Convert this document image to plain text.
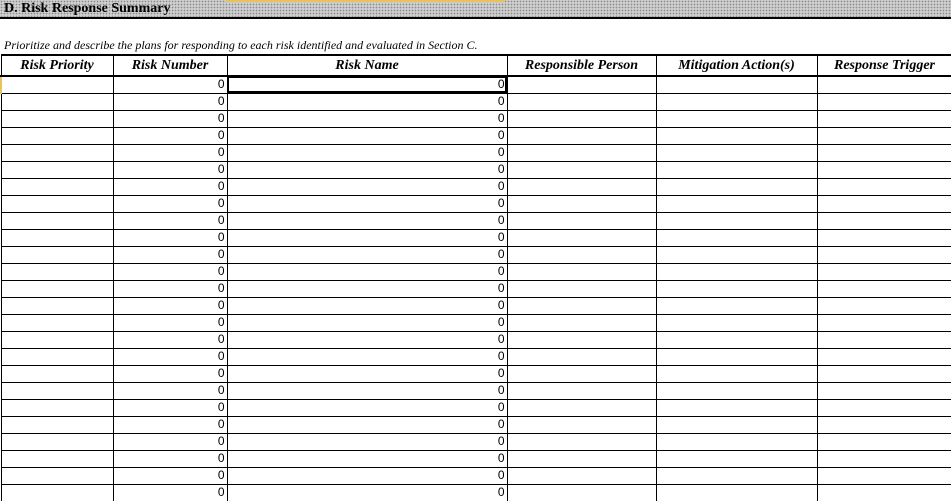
D. Risk Response Summary
Prioritize and describe the plans for responding to each risk identified and evaluated in Section C.
Risk Priority	Risk Number	Risk Name	Responsible Person	Mitigation Action(s)	Response Trigger
	0	0			
	0	0			
	0	0			
	0	0			
	0	0			
	0	0			
	0	0			
	0	0			
	0	0			
	0	0			
	0	0			
	0	0			
	0	0			
	0	0			
	0	0			
	0	0			
	0	0			
	0	0			
	0	0			
	0	0			
	0	0			
	0	0			
	0	0			
	0	0			
	0	0			
